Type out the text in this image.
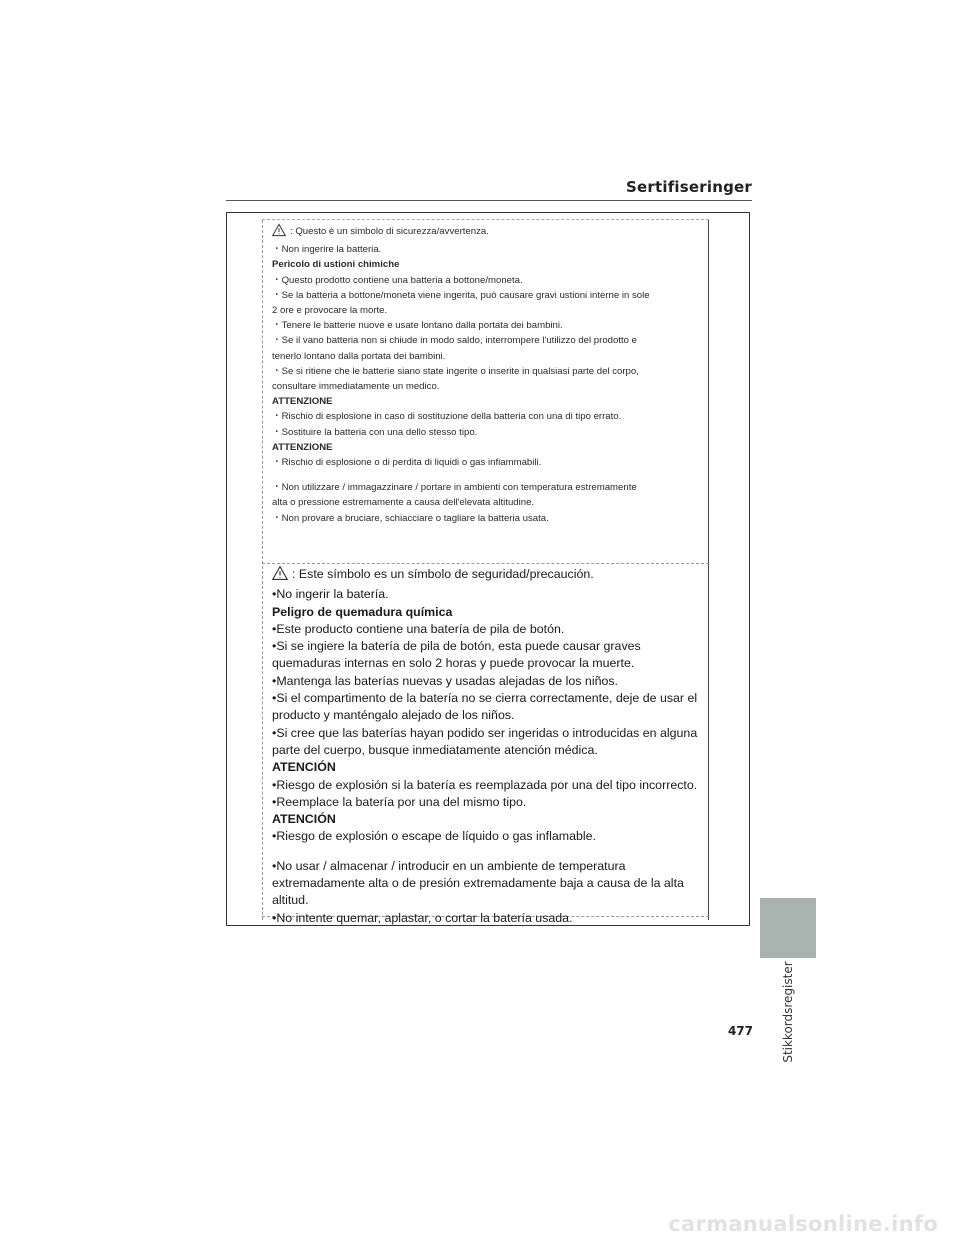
Sertifiseringer
: Questo è un simbolo di sicurezza/avvertenza.
・Non ingerire la batteria.
Pericolo di ustioni chimiche
・Questo prodotto contiene una batteria a bottone/moneta.
・Se la batteria a bottone/moneta viene ingerita, può causare gravi ustioni interne in sole
2 ore e provocare la morte.
・Tenere le batterie nuove e usate lontano dalla portata dei bambini.
・Se il vano batteria non si chiude in modo saldo, interrompere l'utilizzo del prodotto e
tenerlo lontano dalla portata dei bambini.
・Se si ritiene che le batterie siano state ingerite o inserite in qualsiasi parte del corpo,
consultare immediatamente un medico.
ATTENZIONE
・Rischio di esplosione in caso di sostituzione della batteria con una di tipo errato.
・Sostituire la batteria con una dello stesso tipo.
ATTENZIONE
・Rischio di esplosione o di perdita di liquidi o gas infiammabili.
・Non utilizzare / immagazzinare / portare in ambienti con temperatura estremamente
alta o pressione estremamente a causa dell'elevata altitudine.
・Non provare a bruciare, schiacciare o tagliare la batteria usata.
: Este símbolo es un símbolo de seguridad/precaución.
•No ingerir la batería.
Peligro de quemadura química
•Este producto contiene una batería de pila de botón.
•Si se ingiere la batería de pila de botón, esta puede causar graves
quemaduras internas en solo 2 horas y puede provocar la muerte.
•Mantenga las baterías nuevas y usadas alejadas de los niños.
•Si el compartimento de la batería no se cierra correctamente, deje de usar el
producto y manténgalo alejado de los niños.
•Si cree que las baterías hayan podido ser ingeridas o introducidas en alguna
parte del cuerpo, busque inmediatamente atención médica.
ATENCIÓN
•Riesgo de explosión si la batería es reemplazada por una del tipo incorrecto.
•Reemplace la batería por una del mismo tipo.
ATENCIÓN
•Riesgo de explosión o escape de líquido o gas inflamable.
•No usar / almacenar / introducir en un ambiente de temperatura
extremadamente alta o de presión extremadamente baja a causa de la alta
altitud.
•No intente quemar, aplastar, o cortar la batería usada.
Stikkordsregister
477
carmanualsonline.info
